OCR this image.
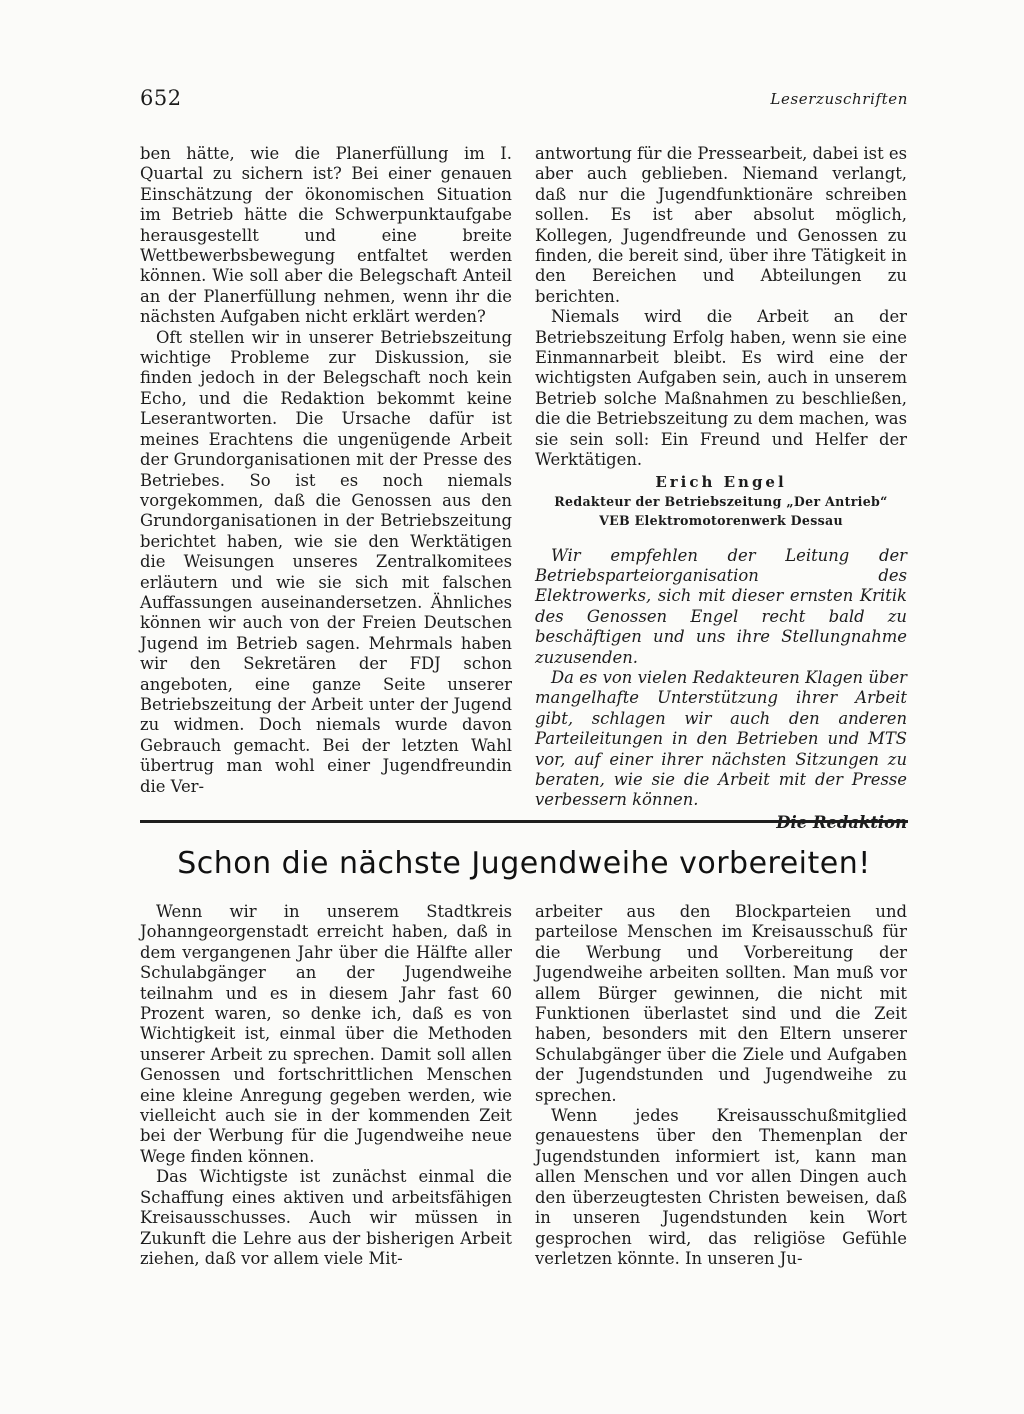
652	Leserzuschriften

ben hätte, wie die Planerfüllung im I. Quartal zu sichern ist? Bei einer genauen Einschätzung der ökonomischen Situation im Betrieb hätte die Schwerpunktaufgabe herausgestellt und eine breite Wettbewerbsbewegung entfaltet werden können. Wie soll aber die Belegschaft Anteil an der Planerfüllung nehmen, wenn ihr die nächsten Aufgaben nicht erklärt werden?

Oft stellen wir in unserer Betriebszeitung wichtige Probleme zur Diskussion, sie finden jedoch in der Belegschaft noch kein Echo, und die Redaktion bekommt keine Leserantworten. Die Ursache dafür ist meines Erachtens die ungenügende Arbeit der Grundorganisationen mit der Presse des Betriebes. So ist es noch niemals vorgekommen, daß die Genossen aus den Grundorganisationen in der Betriebszeitung berichtet haben, wie sie den Werktätigen die Weisungen unseres Zentralkomitees erläutern und wie sie sich mit falschen Auffassungen auseinandersetzen. Ähnliches können wir auch von der Freien Deutschen Jugend im Betrieb sagen. Mehrmals haben wir den Sekretären der FDJ schon angeboten, eine ganze Seite unserer Betriebszeitung der Arbeit unter der Jugend zu widmen. Doch niemals wurde davon Gebrauch gemacht. Bei der letzten Wahl übertrug man wohl einer Jugendfreundin die Ver-

antwortung für die Pressearbeit, dabei ist es aber auch geblieben. Niemand verlangt, daß nur die Jugendfunktionäre schreiben sollen. Es ist aber absolut möglich, Kollegen, Jugendfreunde und Genossen zu finden, die bereit sind, über ihre Tätigkeit in den Bereichen und Abteilungen zu berichten.

Niemals wird die Arbeit an der Betriebszeitung Erfolg haben, wenn sie eine Einmannarbeit bleibt. Es wird eine der wichtigsten Aufgaben sein, auch in unserem Betrieb solche Maßnahmen zu beschließen, die die Betriebszeitung zu dem machen, was sie sein soll: Ein Freund und Helfer der Werktätigen.

Erich Engel
Redakteur der Betriebszeitung „Der Antrieb“
VEB Elektromotorenwerk Dessau

Wir empfehlen der Leitung der Betriebsparteiorganisation des Elektrowerks, sich mit dieser ernsten Kritik des Genossen Engel recht bald zu beschäftigen und uns ihre Stellungnahme zuzusenden.

Da es von vielen Redakteuren Klagen über mangelhafte Unterstützung ihrer Arbeit gibt, schlagen wir auch den anderen Parteileitungen in den Betrieben und MTS vor, auf einer ihrer nächsten Sitzungen zu beraten, wie sie die Arbeit mit der Presse verbessern können.

Schon die nächste Jugendweihe vorbereiten!

Wenn wir in unserem Stadtkreis Johanngeorgenstadt erreicht haben, daß in dem vergangenen Jahr über die Hälfte aller Schulabgänger an der Jugendweihe teilnahm und es in diesem Jahr fast 60 Prozent waren, so denke ich, daß es von Wichtigkeit ist, einmal über die Methoden unserer Arbeit zu sprechen. Damit soll allen Genossen und fortschrittlichen Menschen eine kleine Anregung gegeben werden, wie vielleicht auch sie in der kommenden Zeit bei der Werbung für die Jugendweihe neue Wege finden können.

Das Wichtigste ist zunächst einmal die Schaffung eines aktiven und arbeitsfähigen Kreisausschusses. Auch wir müssen in Zukunft die Lehre aus der bisherigen Arbeit ziehen, daß vor allem viele Mit-

arbeiter aus den Blockparteien und parteilose Menschen im Kreisausschuß für die Werbung und Vorbereitung der Jugendweihe arbeiten sollten. Man muß vor allem Bürger gewinnen, die nicht mit Funktionen überlastet sind und die Zeit haben, besonders mit den Eltern unserer Schulabgänger über die Ziele und Aufgaben der Jugendstunden und Jugendweihe zu sprechen.

Wenn jedes Kreisausschußmitglied genauestens über den Themenplan der Jugendstunden informiert ist, kann man allen Menschen und vor allen Dingen auch den überzeugtesten Christen beweisen, daß in unseren Jugendstunden kein Wort gesprochen wird, das religiöse Gefühle verletzen könnte. In unseren Ju-
